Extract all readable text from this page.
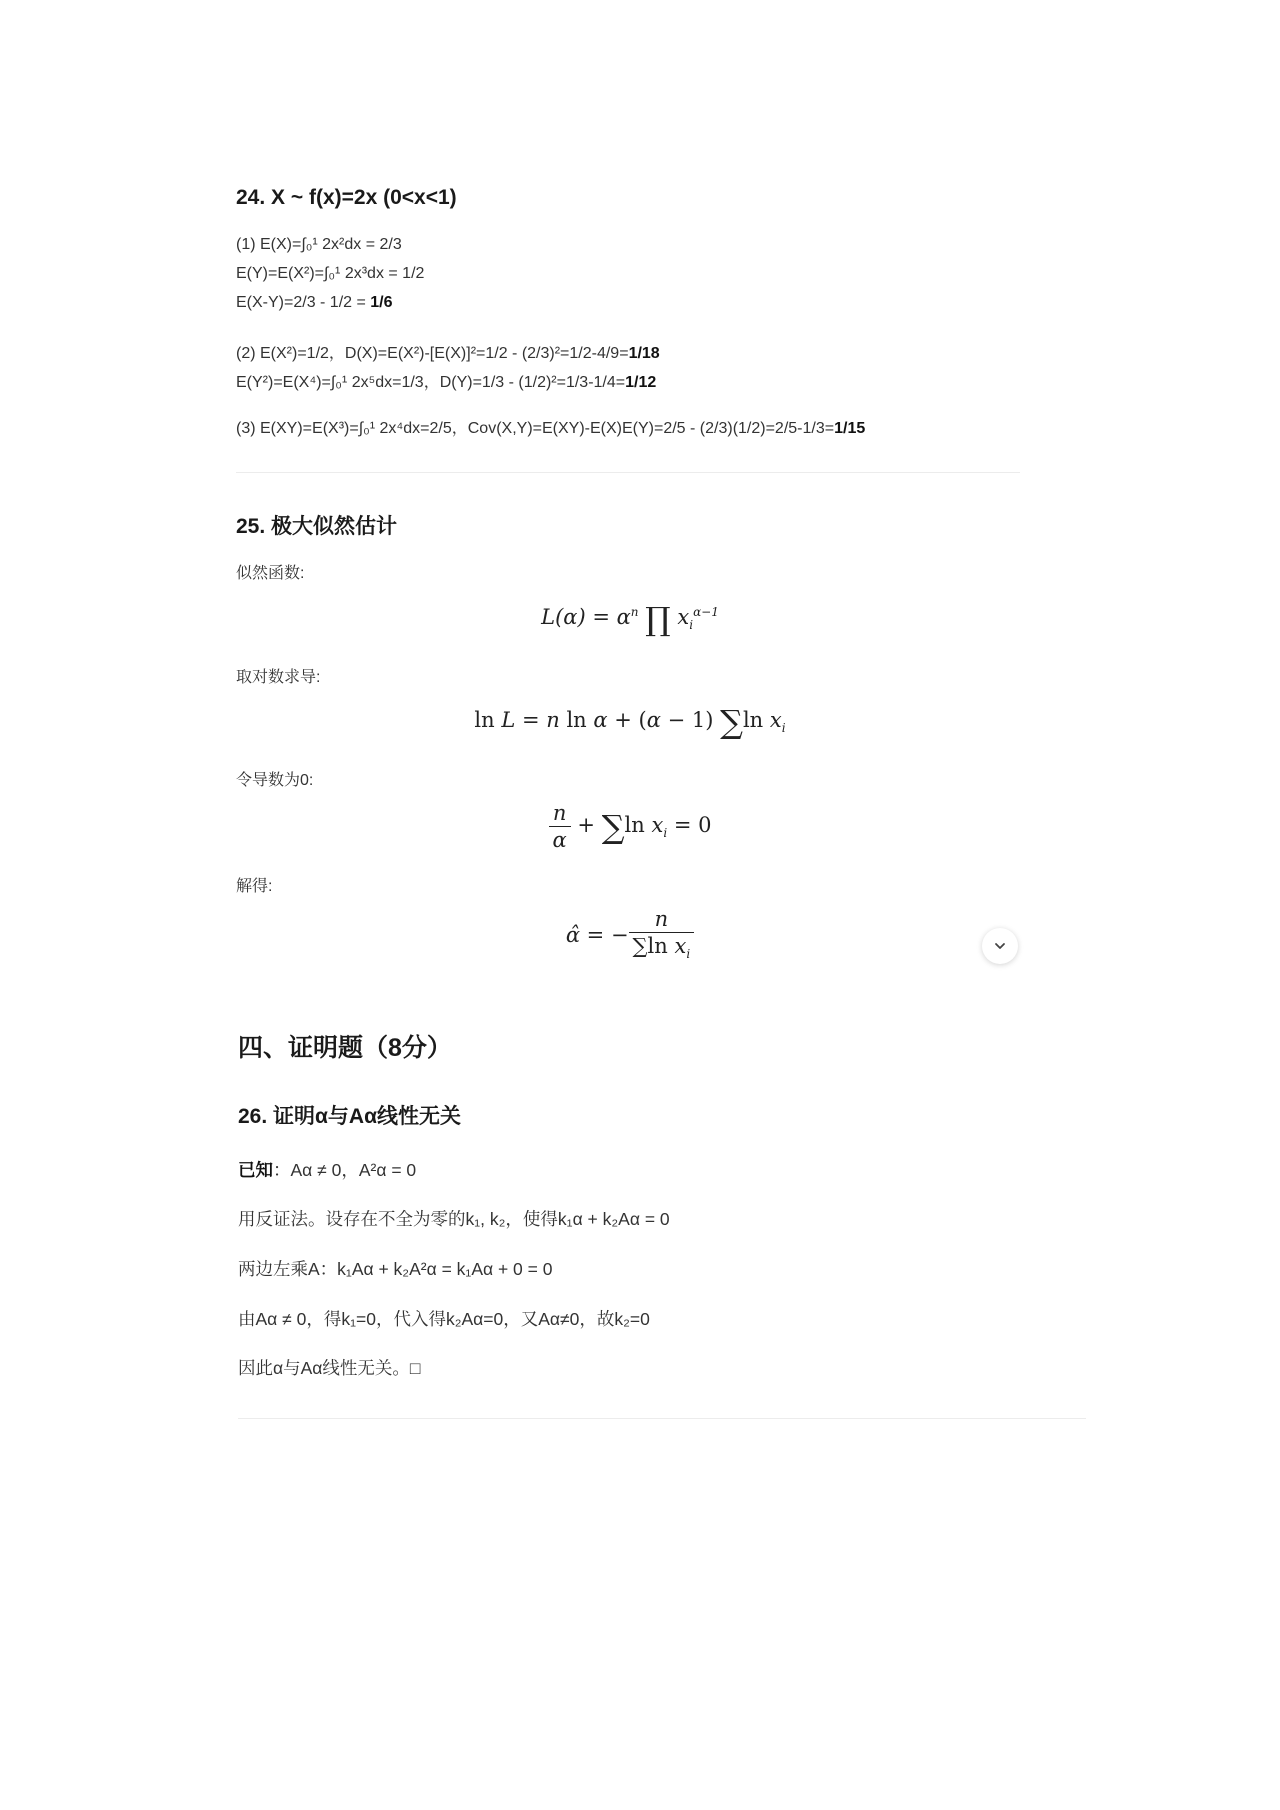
24. X ~ f(x)=2x (0<x<1)
(1) E(X)=∫₀¹ 2x²dx = 2/3
E(Y)=E(X²)=∫₀¹ 2x³dx = 1/2
E(X-Y)=2/3 - 1/2 = 1/6
(2) E(X²)=1/2，D(X)=E(X²)-[E(X)]²=1/2 - (2/3)²=1/2-4/9=1/18
E(Y²)=E(X⁴)=∫₀¹ 2x⁵dx=1/3，D(Y)=1/3 - (1/2)²=1/3-1/4=1/12
(3) E(XY)=E(X³)=∫₀¹ 2x⁴dx=2/5，Cov(X,Y)=E(XY)-E(X)E(Y)=2/5 - (2/3)(1/2)=2/5-1/3=1/15
25. 极大似然估计
似然函数:
$L(\alpha) = \alpha^n$ ∏ $x_i^{\alpha-1}$
取对数求导:
ln L = n ln α + (α − 1) ∑ln $x_i$
令导数为0:
$\frac{n}{\alpha} + \sum\ln$ $x_i = 0$
解得:
α̂ = − $\frac{n}{\sum\ln x_i}$
四、证明题（8分）
26. 证明α与Aα线性无关
已知：Aα ≠ 0，A²α = 0
用反证法。设存在不全为零的k₁, k₂，使得k₁α + k₂Aα = 0
两边左乘A：k₁Aα + k₂A²α = k₁Aα + 0 = 0
由Aα ≠ 0，得k₁=0，代入得k₂Aα=0，又Aα≠0，故k₂=0
因此α与Aα线性无关。□
